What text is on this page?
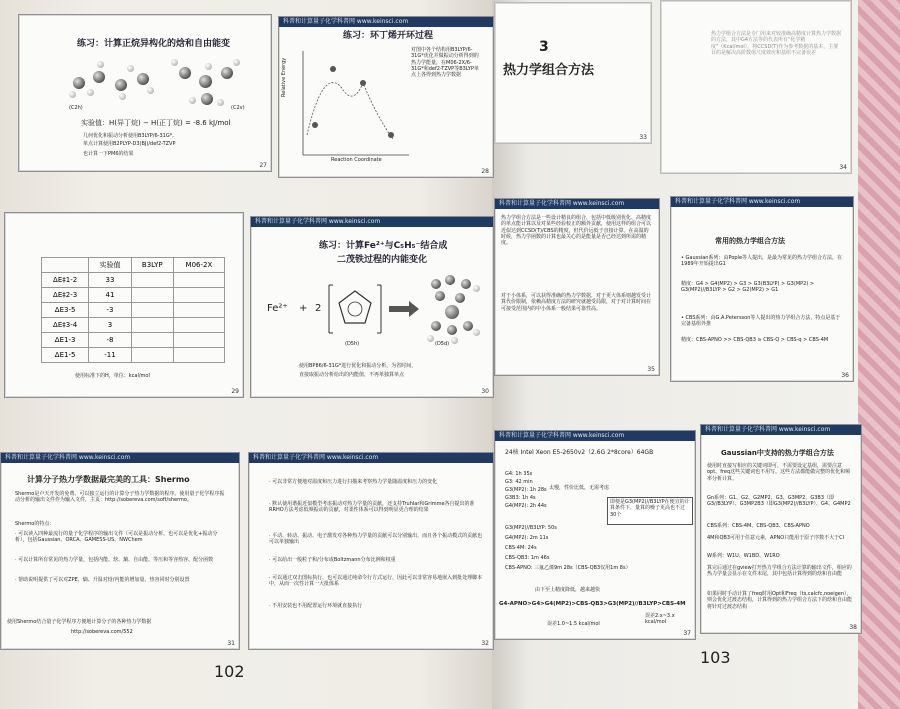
练习：计算正烷异构化的焓和自由能变
(C2h)	(C2v)
实验值：H(异丁烷) − H(正丁烷) = -8.6 kJ/mol
几何优化和振动分析使用B3LYP/6-31G*,
单点计算使用B2PLYP-D3(BJ)/def2-TZVP
也计算一下PM6的结果
27
科普和计算量子化学科普网 www.keinsci.com
练习：环丁烯开环过程
Relative Energy
Reaction Coordinate
对图中各个结构用B3LYP/6-31G*优化并做振动分析得到的热力学能量，在M06-2X/6-31G*和def2-TZVP等B3LYP单点上各得到热力学数据
28
	实验值	B3LYP	M06-2X
ΔE‡1-2	33		
ΔE‡2-3	41		
ΔE3-5	-3		
ΔE‡3-4	3		
ΔE1-3	-8		
ΔE1-5	-11		
使用标准下的H，单位：kcal/mol
29
科普和计算量子化学科普网 www.keinsci.com
练习：计算Fe²⁺与C₅H₅⁻结合成
二茂铁过程的内能变化
Fe²⁺ + 2
(D5h)	(D5d)
使用BP86/6-31G*进行优化和振动分析，为省时间，
直接取振动分析给出的内能值，不再单独算单点
30
科普和计算量子化学科普网 www.keinsci.com
计算分子热力学数据最完美的工具：Shermo
Shermo是卢天开发的免费、可以独立运行的计算分子热力学数据的程序。使用量子化学程序振动分析的输出文件作为输入文件，主页：http://sobereva.com/soft/shermo。
Shermo的特点：
· 可以读入四种最流行的量子化学程序的输出文件（可以是振动分析、也可以是优化+振动分析），包括Gaussian、ORCA、GAMESS-US、NWChem
· 可以计算所有常见的热力学量，包括内能、焓、熵、自由能、等压和等容热容、配分函数
· 帮助说明提供了可以对ZPE、熵、升温对焓/内能的增加量、热容同时分别设置
使用Shermo结合量子化学程序方便地计算分子的各种热力学数据
http://sobereva.com/552
31
科普和计算量子化学科普网 www.keinsci.com
· 可以非常方便地对温度和压力进行扫描来考察热力学量随温度和压力的变化
· 默认使用谐振近似模型考虑振动对热力学量的贡献，还支持Truhlar和Grimme各自提出的准RRHO方法考虑低频振动的贡献，对柔性体系可以得到明显更合理的结果
· 平动、转动、振动、电子激发对各种热力学量的贡献可以分别输出，而且各个振动模式的贡献也可以单独输出
· 可以给出一般粒子和/分布或Boltzmann分布比例和权重
· 可以通过双击图标执行，也可以通过纯命令行方式运行，因此可以非常容易地嵌入到批处理脚本中，从而一次性计算一大批体系
· 不用安装也不用配置运行环境就直接执行
32
102
103
3
热力学组合方法
33
热力学组合方法是专门用来对较准确高精度计算热力学数据的方法，其中G4方法等的代表所有"化学精度"（Kcal/mol）。将CCSD(T)作为参考数据的基本，主要目的是解决高阶数值尺度效应和基组不完备误差
34
科普和计算量子化学科普网 www.keinsci.com
热力学组合方法是一些设计精良的组合，包括中低级别优化、高精度的单点能计算以及对某些经验校正的额外贡献，使用这样的组合可以近似达到CCSD(T)/CBS的精度，但代价远低于直接计算。在高温的时候，热力学函数的计算也最关心的是能量是否已经达到所需的精度。
对于小体系，可以获得准确的热力学数据，对于更大体系则越发受计算代价限制，依赖高精度方法的研究就越受局限，对于对计算时间在可接受范围内的中小体系一般结果可靠性高。
35
科普和计算量子化学科普网 www.keinsci.com
常用的热力学组合方法
• Gaussian系列：由Pople等人提出，是最为常见的热力学组合方法，在1989年开始提出G1
精度：G4 > G4(MP2) > G3 > G3(B3LYP) > G3(MP2) > G3(MP2)//B3LYP > G2 > G2(MP2) > G1
• CBS系列：由G.A.Petersson等人提出的热力学组合方法，特点是基于完备基组外推
精度：CBS-APNO >> CBS-QB3 ≥ CBS-Q > CBS-q > CBS-4M
36
科普和计算量子化学科普网 www.keinsci.com
24核 Intel Xeon E5-2650v2（2.6G 2*8core）64GB
G4: 1h 35s
G3: 42 min
G3(MP2): 1h 28s
G3B3: 1h 4s
G4(MP2): 2h 44s
太慢，性价比低，无需考虑
即便是G3(MP2)//B3LYP在便宜的计算条件下，量算的噪子更高也不过30个
G3(MP2)//B3LYP: 50s
G4(MP2): 2m 11s
CBS-4M: 24s
CBS-QB3: 1m 46s
CBS-APNO: 三氟乙烯9m 28s（CBS-QB3仅用1m 8s）
由下至上精度降低，越来越快
G4-APNO>G4>G4(MP2)>CBS-QB3>G3(MP2)//B3LYP>CBS-4M
误差1.0~1.5 kcal/mol
误差2.x~3.x kcal/mol
37
科普和计算量子化学科普网 www.keinsci.com
Gaussian中支持的热力学组合方法
使用时直接写相应的关键词即可，不需要设定基组，需要注意opt、freq这些关键词也不用写。这些方法都能做完整的优化和频率分析计算。
Gn系列：G1、G2、G2MP2、G3、G3MP2、G3B3（即G3//B3LYP）、G3MP2B3（即G3(MP2)//B3LYP）、G4、G4MP2
CBS系列：CBS-4M、CBS-QB3、CBS-APNO
4M和QB3可用于任意元素，APNO只能用于原子序数不大于Cl
W系列：W1U、W1BD、W1RO
算完后通过在gview打开热力学组合方法计算的输出文件，相应的热力学量会显示在文件末尾，其中包括计算得到的焓和自由能
如果同时手动计算了freq时用Opt和Freq（ts,calcfc,noeigen），则会优化过渡态结构，计算得到的热力学组合方法下的焓和自由能将针对过渡态结构
38
